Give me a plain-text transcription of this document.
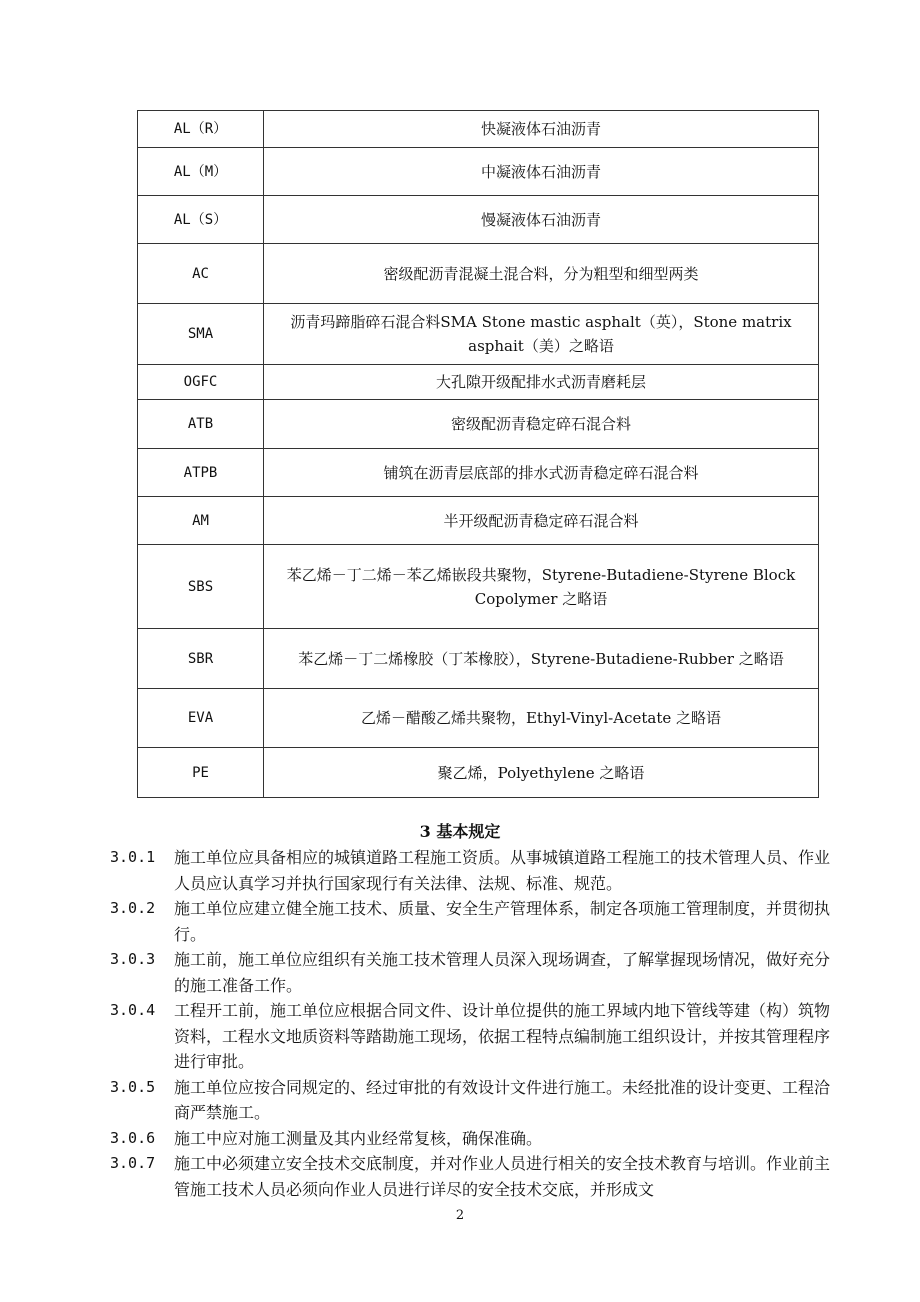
AL（R）	快凝液体石油沥青
AL（M）	中凝液体石油沥青
AL（S）	慢凝液体石油沥青
AC	密级配沥青混凝土混合料，分为粗型和细型两类
SMA	沥青玛蹄脂碎石混合料SMA Stone mastic asphalt（英），Stone matrix asphait（美）之略语
OGFC	大孔隙开级配排水式沥青磨耗层
ATB	密级配沥青稳定碎石混合料
ATPB	铺筑在沥青层底部的排水式沥青稳定碎石混合料
AM	半开级配沥青稳定碎石混合料
SBS	苯乙烯－丁二烯－苯乙烯嵌段共聚物，Styrene-Butadiene-Styrene Block Copolymer 之略语
SBR	苯乙烯－丁二烯橡胶（丁苯橡胶），Styrene-Butadiene-Rubber 之略语
EVA	乙烯－醋酸乙烯共聚物，Ethyl-Vinyl-Acetate 之略语
PE	聚乙烯，Polyethylene 之略语
3 基本规定

3.0.1	施工单位应具备相应的城镇道路工程施工资质。从事城镇道路工程施工的技术管理人员、作业人员应认真学习并执行国家现行有关法律、法规、标准、规范。

3.0.2	施工单位应建立健全施工技术、质量、安全生产管理体系，制定各项施工管理制度，并贯彻执行。

3.0.3	施工前，施工单位应组织有关施工技术管理人员深入现场调查，了解掌握现场情况，做好充分的施工准备工作。

3.0.4	工程开工前，施工单位应根据合同文件、设计单位提供的施工界域内地下管线等建（构）筑物资料，工程水文地质资料等踏勘施工现场，依据工程特点编制施工组织设计，并按其管理程序进行审批。

3.0.5	施工单位应按合同规定的、经过审批的有效设计文件进行施工。未经批准的设计变更、工程洽商严禁施工。

3.0.6	施工中应对施工测量及其内业经常复核，确保准确。

3.0.7	施工中必须建立安全技术交底制度，并对作业人员进行相关的安全技术教育与培训。作业前主管施工技术人员必须向作业人员进行详尽的安全技术交底，并形成文

2
